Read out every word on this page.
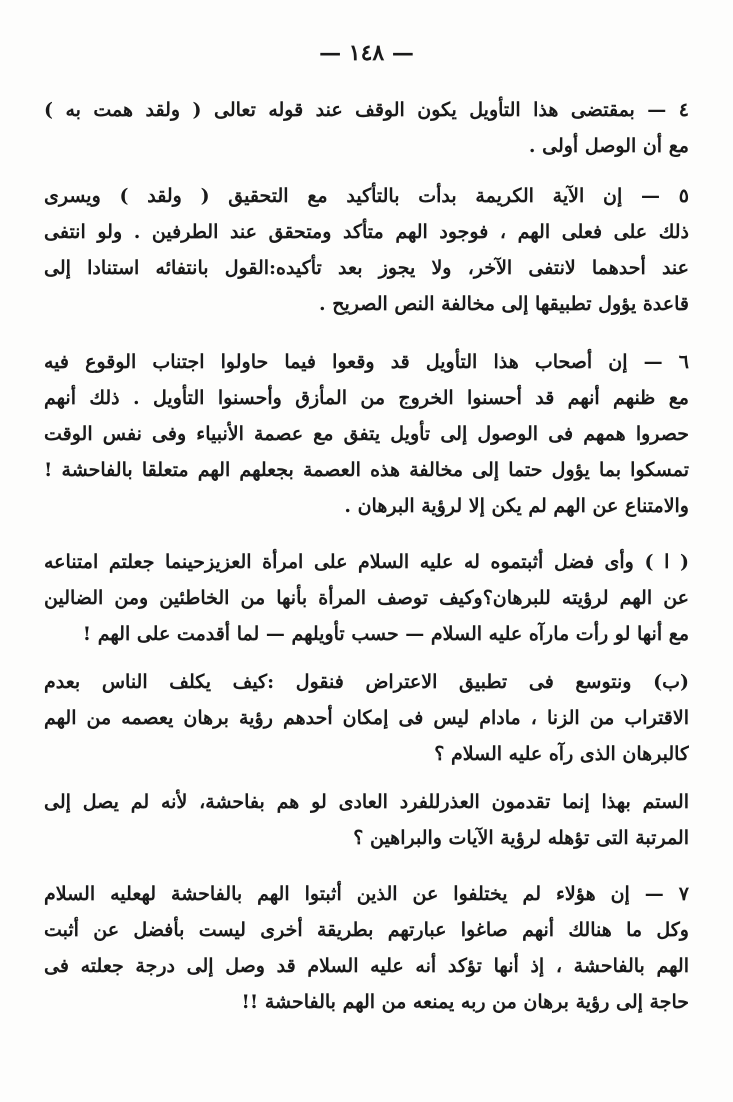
— ١٤٨ —
٤ — بمقتضى هذا التأويل يكون الوقف عند قوله تعالى ( ولقد همت به )
مع أن الوصل أولى .
٥ — إن الآية الكريمة بدأت بالتأكيد مع التحقيق ( ولقد ) ويسرى
ذلك على فعلى الهم ، فوجود الهم متأكد ومتحقق عند الطرفين . ولو انتفى
عند أحدهما لانتفى الآخر، ولا يجوز بعد تأكيده:القول بانتفائه استنادا إلى
قاعدة يؤول تطبيقها إلى مخالفة النص الصريح .
٦ — إن أصحاب هذا التأويل قد وقعوا فيما حاولوا اجتناب الوقوع فيه
مع ظنهم أنهم قد أحسنوا الخروج من المأزق وأحسنوا التأويل . ذلك أنهم
حصروا همهم فى الوصول إلى تأويل يتفق مع عصمة الأنبياء وفى نفس الوقت
تمسكوا بما يؤول حتما إلى مخالفة هذه العصمة بجعلهم الهم متعلقا بالفاحشة !
والامتناع عن الهم لم يكن إلا لرؤية البرهان .
( ا ) وأى فضل أثبتموه له عليه السلام على امرأة العزيزحينما جعلتم امتناعه
عن الهم لرؤيته للبرهان؟وكيف توصف المرأة بأنها من الخاطئين ومن الضالين
مع أنها لو رأت مارآه عليه السلام — حسب تأويلهم — لما أقدمت على الهم !
(ب) ونتوسع فى تطبيق الاعتراض فنقول :كيف يكلف الناس بعدم
الاقتراب من الزنا ، مادام ليس فى إمكان أحدهم رؤية برهان يعصمه من الهم
كالبرهان الذى رآه عليه السلام ؟
الستم بهذا إنما تقدمون العذرللفرد العادى لو هم بفاحشة، لأنه لم يصل إلى
المرتبة التى تؤهله لرؤية الآيات والبراهين ؟
٧ — إن هؤلاء لم يختلفوا عن الذين أثبتوا الهم بالفاحشة لهعليه السلام
وكل ما هنالك أنهم صاغوا عبارتهم بطريقة أخرى ليست بأفضل عن أثبت
الهم بالفاحشة ، إذ أنها تؤكد أنه عليه السلام قد وصل إلى درجة جعلته فى
حاجة إلى رؤية برهان من ربه يمنعه من الهم بالفاحشة !!
